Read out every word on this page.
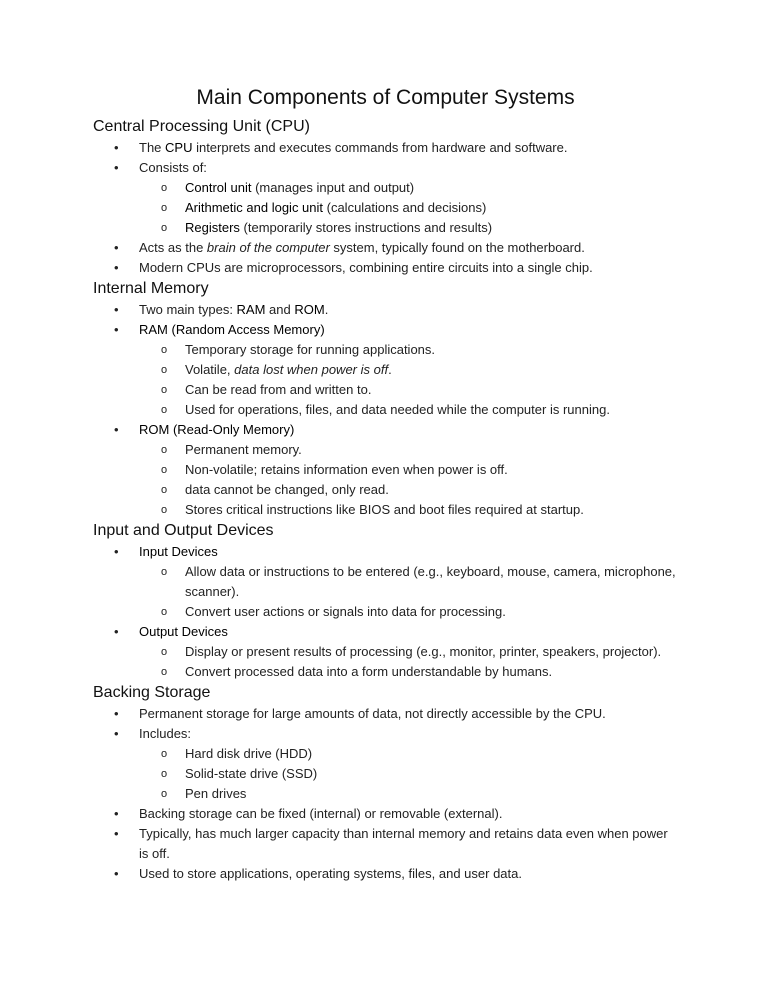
Main Components of Computer Systems
Central Processing Unit (CPU)
• The CPU interprets and executes commands from hardware and software.
• Consists of:
o Control unit (manages input and output)
o Arithmetic and logic unit (calculations and decisions)
o Registers (temporarily stores instructions and results)
• Acts as the brain of the computer system, typically found on the motherboard.
• Modern CPUs are microprocessors, combining entire circuits into a single chip.
Internal Memory
• Two main types: RAM and ROM.
• RAM (Random Access Memory)
o Temporary storage for running applications.
o Volatile, data lost when power is off.
o Can be read from and written to.
o Used for operations, files, and data needed while the computer is running.
• ROM (Read-Only Memory)
o Permanent memory.
o Non-volatile; retains information even when power is off.
o data cannot be changed, only read.
o Stores critical instructions like BIOS and boot files required at startup.
Input and Output Devices
• Input Devices
o Allow data or instructions to be entered (e.g., keyboard, mouse, camera, microphone, scanner).
o Convert user actions or signals into data for processing.
• Output Devices
o Display or present results of processing (e.g., monitor, printer, speakers, projector).
o Convert processed data into a form understandable by humans.
Backing Storage
• Permanent storage for large amounts of data, not directly accessible by the CPU.
• Includes:
o Hard disk drive (HDD)
o Solid-state drive (SSD)
o Pen drives
• Backing storage can be fixed (internal) or removable (external).
• Typically, has much larger capacity than internal memory and retains data even when power is off.
• Used to store applications, operating systems, files, and user data.
